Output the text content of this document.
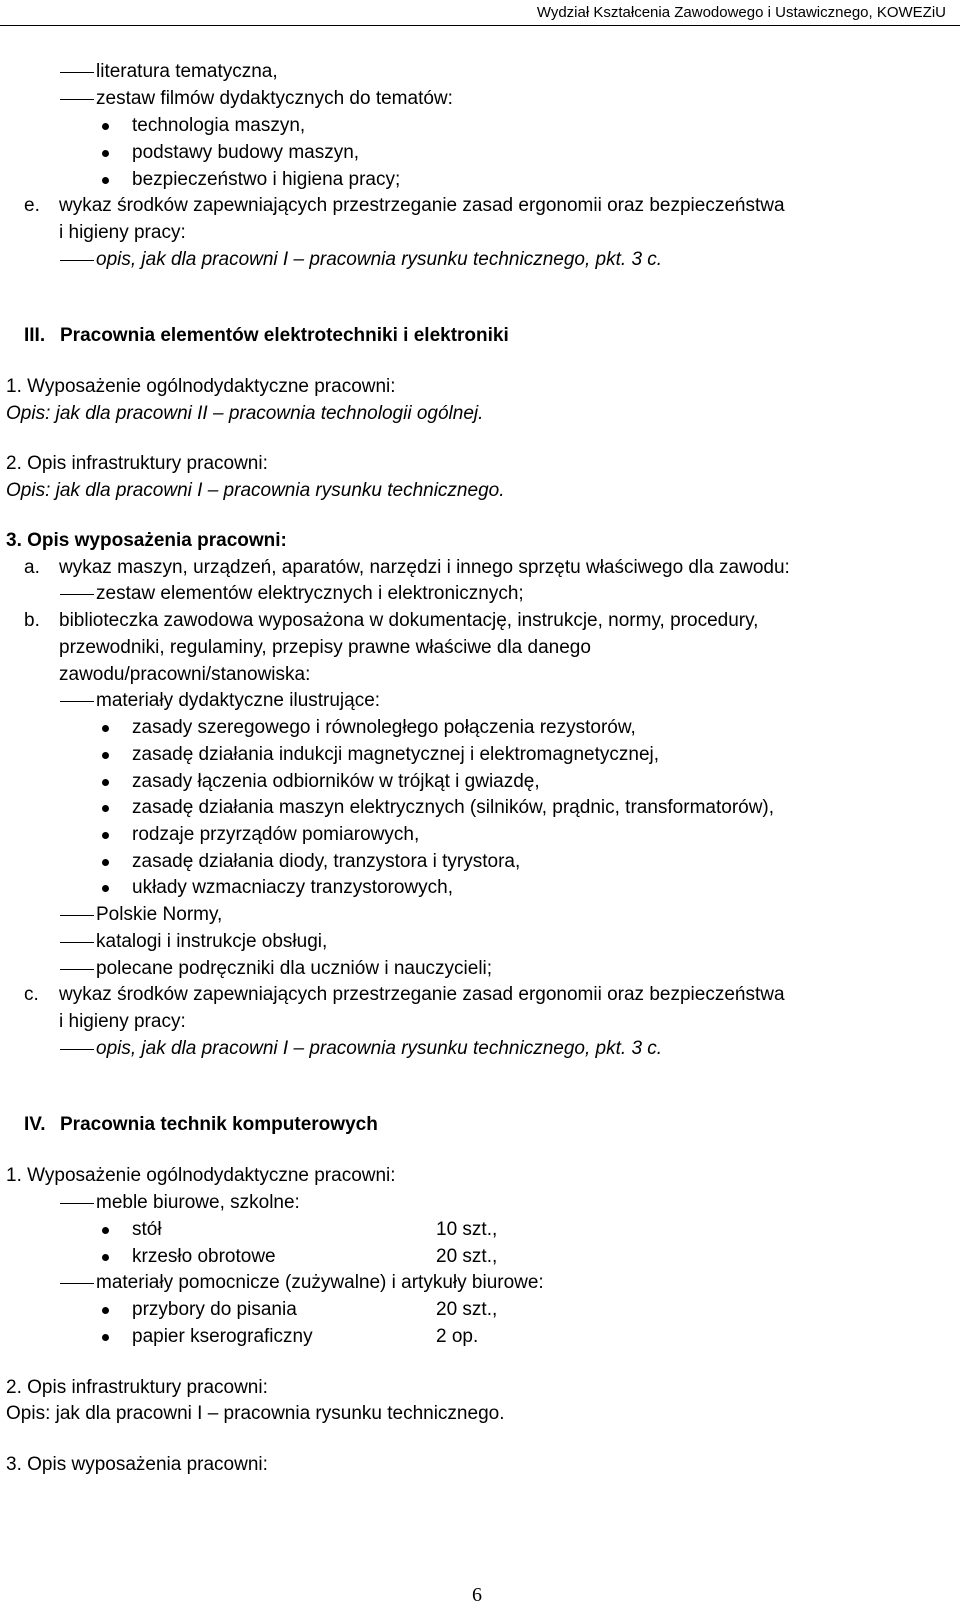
Wydział Kształcenia Zawodowego i Ustawicznego, KOWEZiU
literatura tematyczna,
zestaw filmów dydaktycznych do tematów:
technologia maszyn,
podstawy budowy maszyn,
bezpieczeństwo i higiena pracy;
e. wykaz środków zapewniających przestrzeganie zasad ergonomii oraz bezpieczeństwa
i higieny pracy:
opis, jak dla pracowni I – pracownia rysunku technicznego, pkt. 3 c.
III. Pracownia elementów elektrotechniki i elektroniki
1. Wyposażenie ogólnodydaktyczne pracowni:
Opis: jak dla pracowni II – pracownia technologii ogólnej.
2. Opis infrastruktury pracowni:
Opis: jak dla pracowni I – pracownia rysunku technicznego.
3. Opis wyposażenia pracowni:
a. wykaz maszyn, urządzeń, aparatów, narzędzi i innego sprzętu właściwego dla zawodu:
zestaw elementów elektrycznych i elektronicznych;
b. biblioteczka zawodowa wyposażona w dokumentację, instrukcje, normy, procedury,
przewodniki, regulaminy, przepisy prawne właściwe dla danego
zawodu/pracowni/stanowiska:
materiały dydaktyczne ilustrujące:
zasady szeregowego i równoległego połączenia rezystorów,
zasadę działania indukcji magnetycznej i elektromagnetycznej,
zasady łączenia odbiorników w trójkąt i gwiazdę,
zasadę działania maszyn elektrycznych (silników, prądnic, transformatorów),
rodzaje przyrządów pomiarowych,
zasadę działania diody, tranzystora i tyrystora,
układy wzmacniaczy tranzystorowych,
Polskie Normy,
katalogi i instrukcje obsługi,
polecane podręczniki dla uczniów i nauczycieli;
c. wykaz środków zapewniających przestrzeganie zasad ergonomii oraz bezpieczeństwa
i higieny pracy:
opis, jak dla pracowni I – pracownia rysunku technicznego, pkt. 3 c.
IV. Pracownia technik komputerowych
1. Wyposażenie ogólnodydaktyczne pracowni:
meble biurowe, szkolne:
stół	10 szt.,
krzesło obrotowe	20 szt.,
materiały pomocnicze (zużywalne) i artykuły biurowe:
przybory do pisania	20 szt.,
papier kserograficzny	2 op.
2. Opis infrastruktury pracowni:
Opis: jak dla pracowni I – pracownia rysunku technicznego.
3. Opis wyposażenia pracowni:
6
